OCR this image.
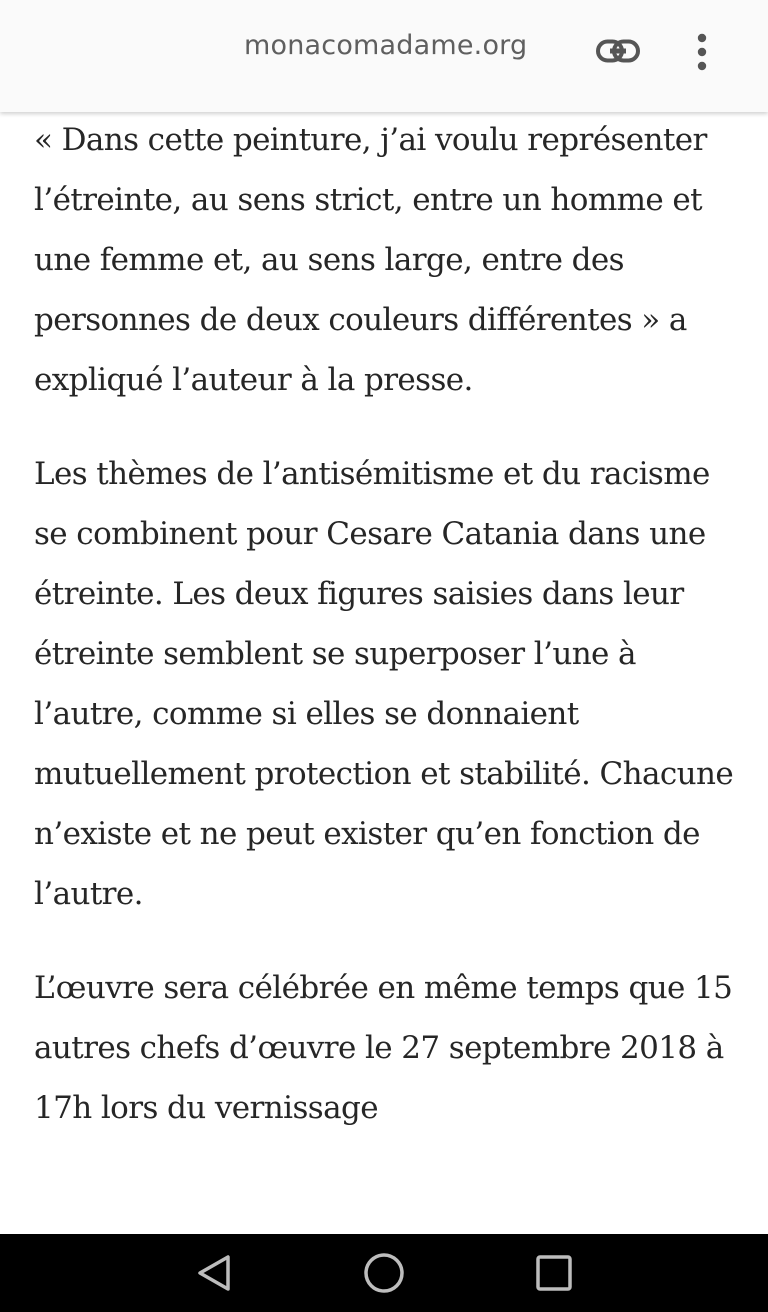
monacomadame.org

« Dans cette peinture, j’ai voulu représenter l’étreinte, au sens strict, entre un homme et une femme et, au sens large, entre des personnes de deux couleurs différentes » a expliqué l’auteur à la presse.

Les thèmes de l’antisémitisme et du racisme se combinent pour Cesare Catania dans une étreinte. Les deux figures saisies dans leur étreinte semblent se superposer l’une à l’autre, comme si elles se donnaient mutuellement protection et stabilité. Chacune n’existe et ne peut exister qu’en fonction de l’autre.

L’œuvre sera célébrée en même temps que 15 autres chefs d’œuvre le 27 septembre 2018 à 17h lors du vernissage
